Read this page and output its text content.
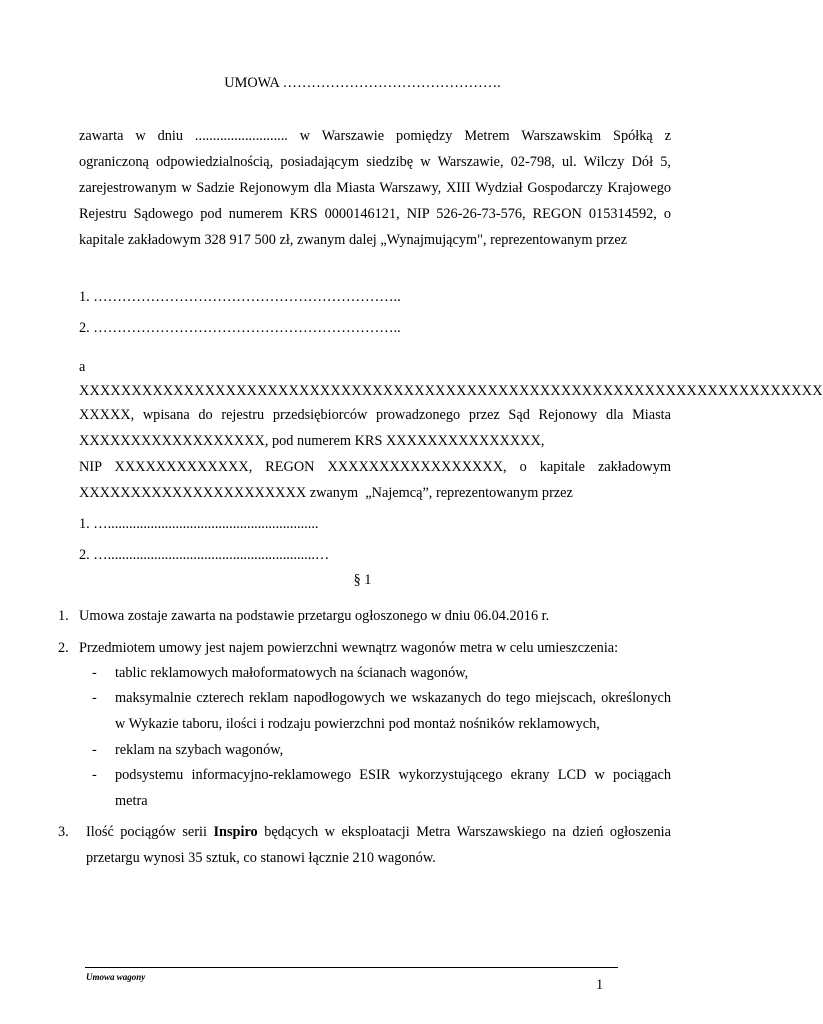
UMOWA ……………………………………….

zawarta w dniu .......................... w Warszawie pomiędzy Metrem Warszawskim Spółką z

ograniczoną odpowiedzialnością, posiadającym siedzibę w Warszawie, 02-798, ul. Wilczy Dół 5, zarejestrowanym w Sadzie Rejonowym dla Miasta Warszawy, XIII Wydział Gospodarczy Krajowego Rejestru Sądowego pod numerem KRS 0000146121, NIP 526-26-73-576, REGON 015314592, o kapitale zakładowym 328 917 500 zł, zwanym dalej „Wynajmującym", reprezentowanym przez

1. ………………………………………………………..
2. ………………………………………………………..
a
XXXXXXXXXXXXXXXXXXXXXXXXXXXXXXXXXXXXXXXXXXXXXXXXXXXXXXXXXXXXXXXXXXXXXXX

XXXXX, wpisana do rejestru przedsiębiorców prowadzonego przez Sąd Rejonowy dla Miasta XXXXXXXXXXXXXXXXXX, pod numerem KRS XXXXXXXXXXXXXXX,

NIP XXXXXXXXXXXXX, REGON XXXXXXXXXXXXXXXXX, o kapitale zakładowym

XXXXXXXXXXXXXXXXXXXXXX zwanym  „Najemcą”, reprezentowanym przez
1. …...........................................................
2. …..........................................................…
§ 1
1. Umowa zostaje zawarta na podstawie przetargu ogłoszonego w dniu 06.04.2016 r.
2. Przedmiotem umowy jest najem powierzchni wewnątrz wagonów metra w celu umieszczenia:
-	tablic reklamowych małoformatowych na ścianach wagonów,
-	maksymalnie czterech reklam napodłogowych we wskazanych do tego miejscach, określonych w Wykazie taboru, ilości i rodzaju powierzchni pod montaż nośników reklamowych,

-	reklam na szybach wagonów,
-	podsystemu informacyjno-reklamowego ESIR wykorzystującego ekrany LCD w pociągach metra

3.	Ilość pociągów serii Inspiro będących w eksploatacji Metra Warszawskiego na dzień ogłoszenia przetargu wynosi 35 sztuk, co stanowi łącznie 210 wagonów.

Umowa wagony	1
